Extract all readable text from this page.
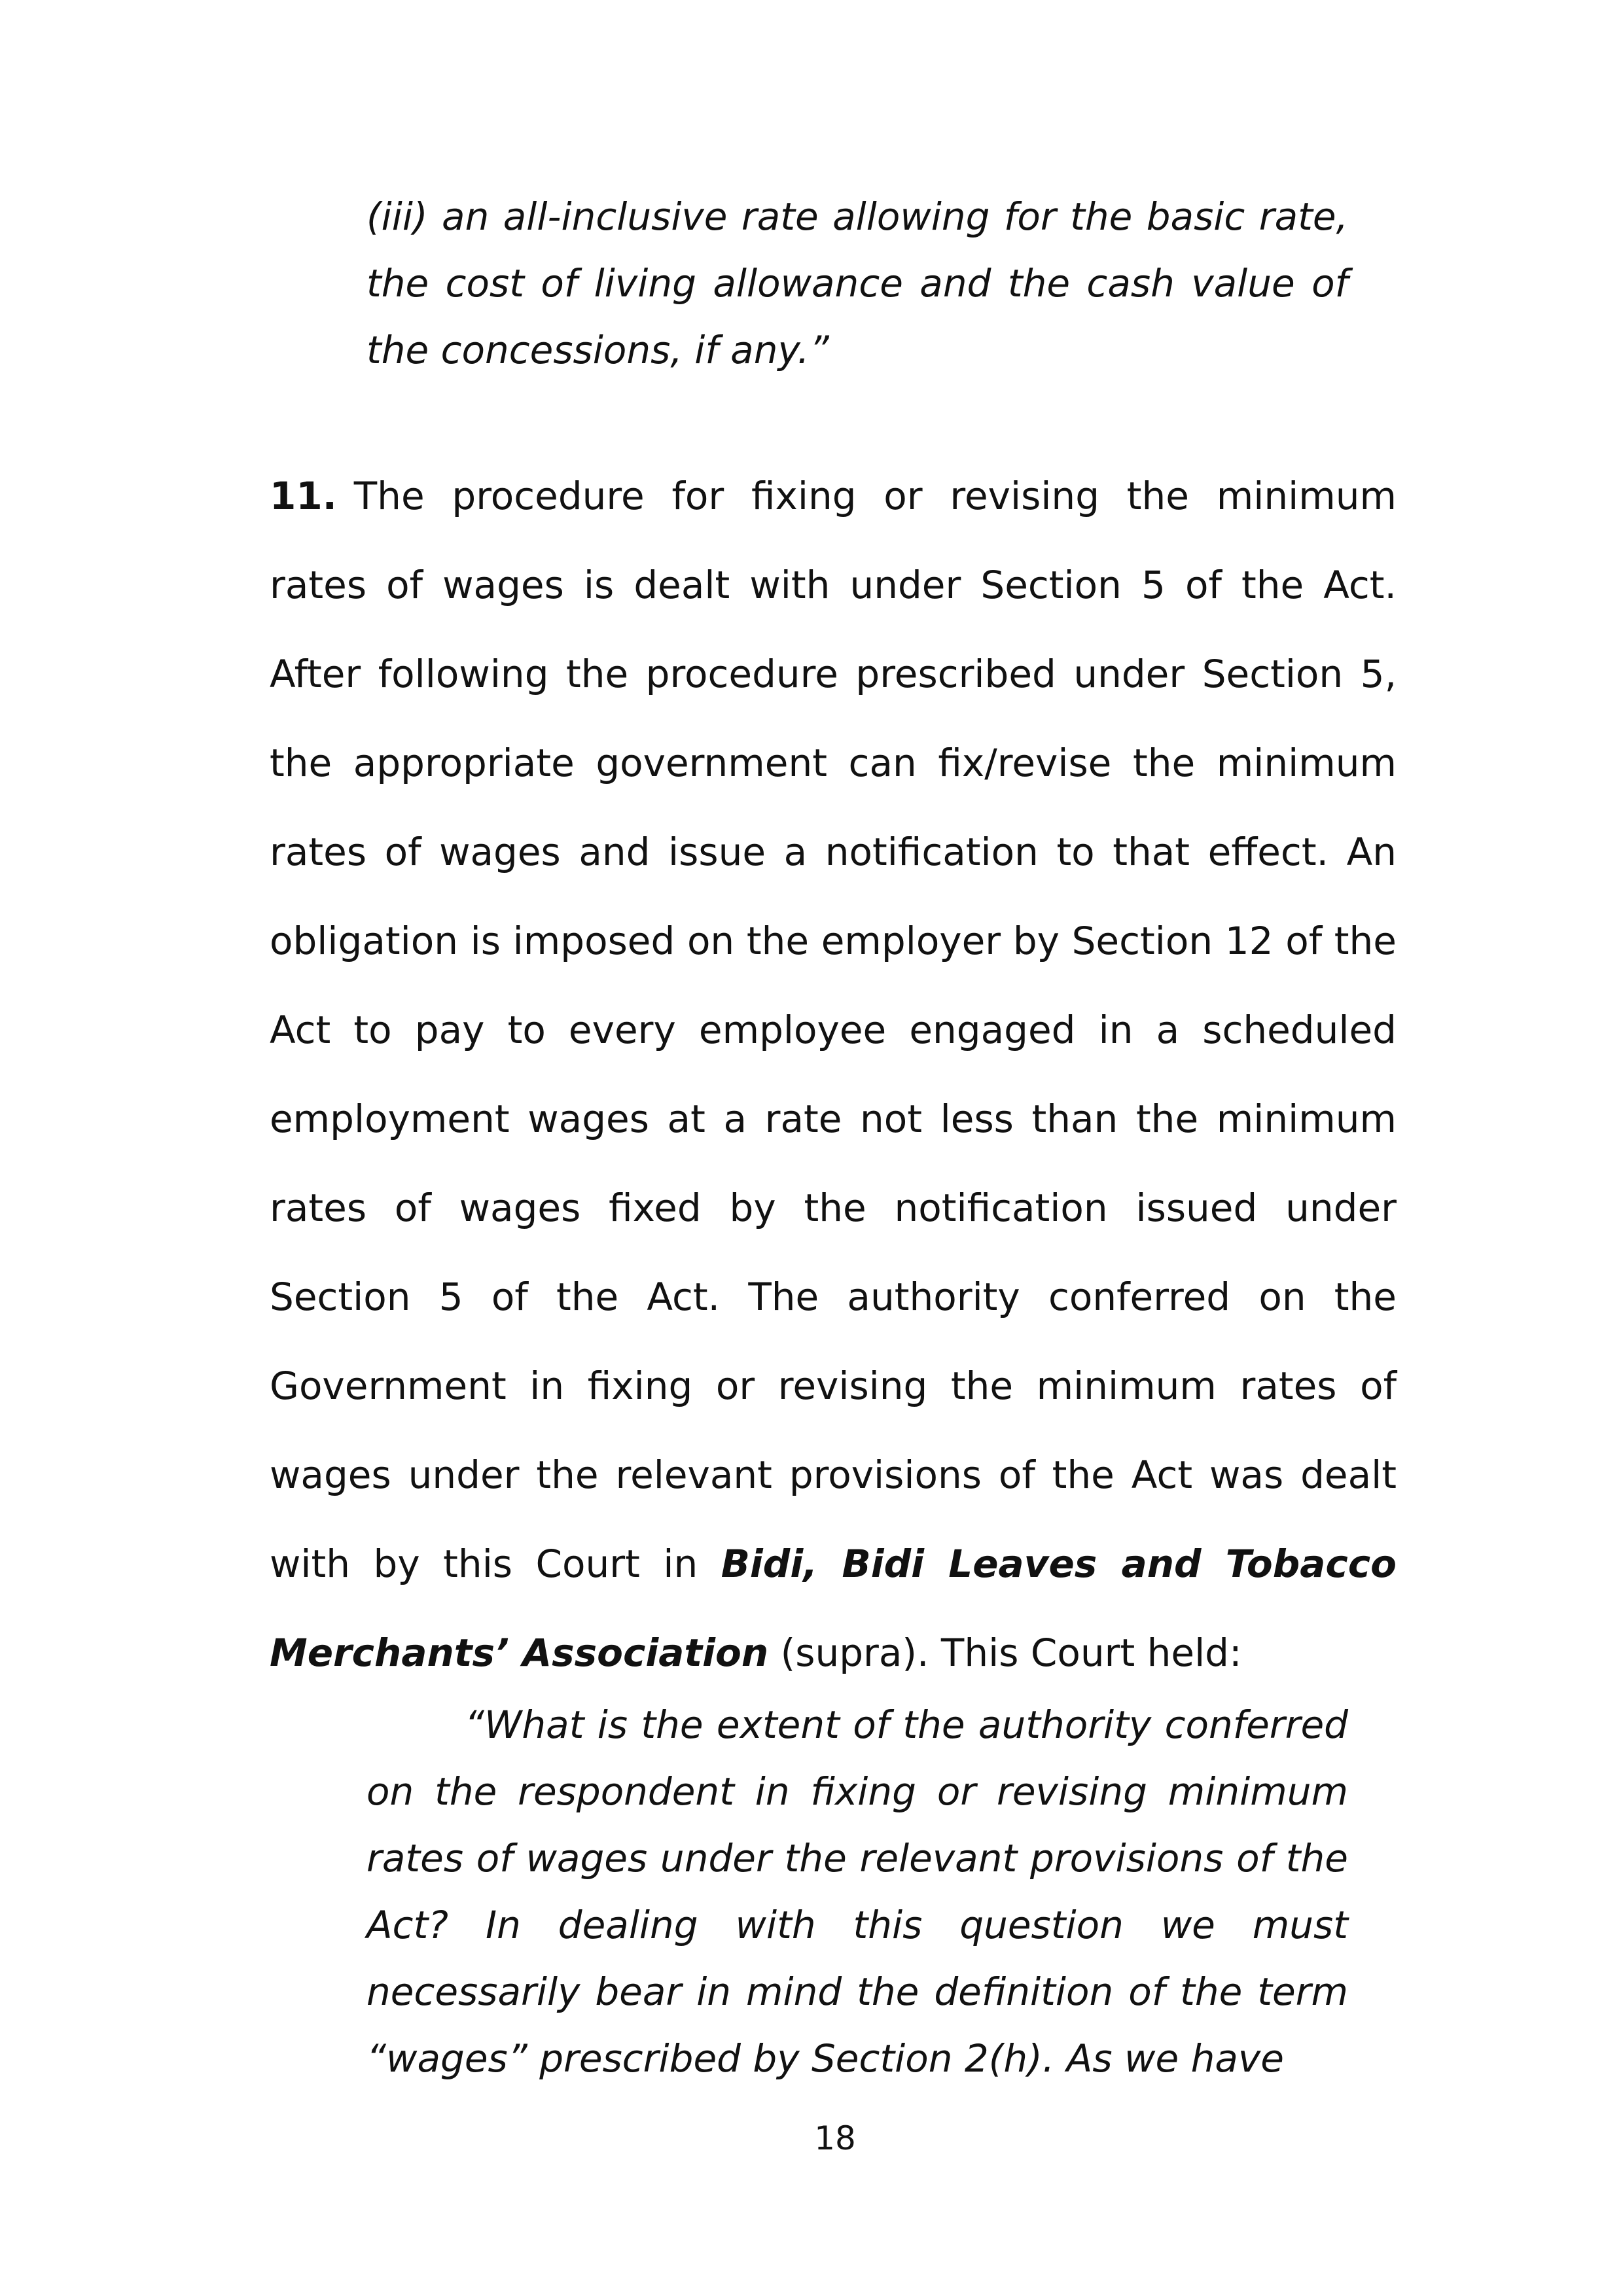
(iii) an all-inclusive rate allowing for the basic rate, the cost of living allowance and the cash value of the concessions, if any.”
11. The procedure for fixing or revising the minimum rates of wages is dealt with under Section 5 of the Act. After following the procedure prescribed under Section 5, the appropriate government can fix/revise the minimum rates of wages and issue a notification to that effect. An obligation is imposed on the employer by Section 12 of the Act to pay to every employee engaged in a scheduled employment wages at a rate not less than the minimum rates of wages fixed by the notification issued under Section 5 of the Act. The authority conferred on the Government in fixing or revising the minimum rates of wages under the relevant provisions of the Act was dealt with by this Court in Bidi, Bidi Leaves and Tobacco Merchants’ Association (supra). This Court held:
“What is the extent of the authority conferred on the respondent in fixing or revising minimum rates of wages under the relevant provisions of the Act? In dealing with this question we must necessarily bear in mind the definition of the term “wages” prescribed by Section 2(h). As we have
18
